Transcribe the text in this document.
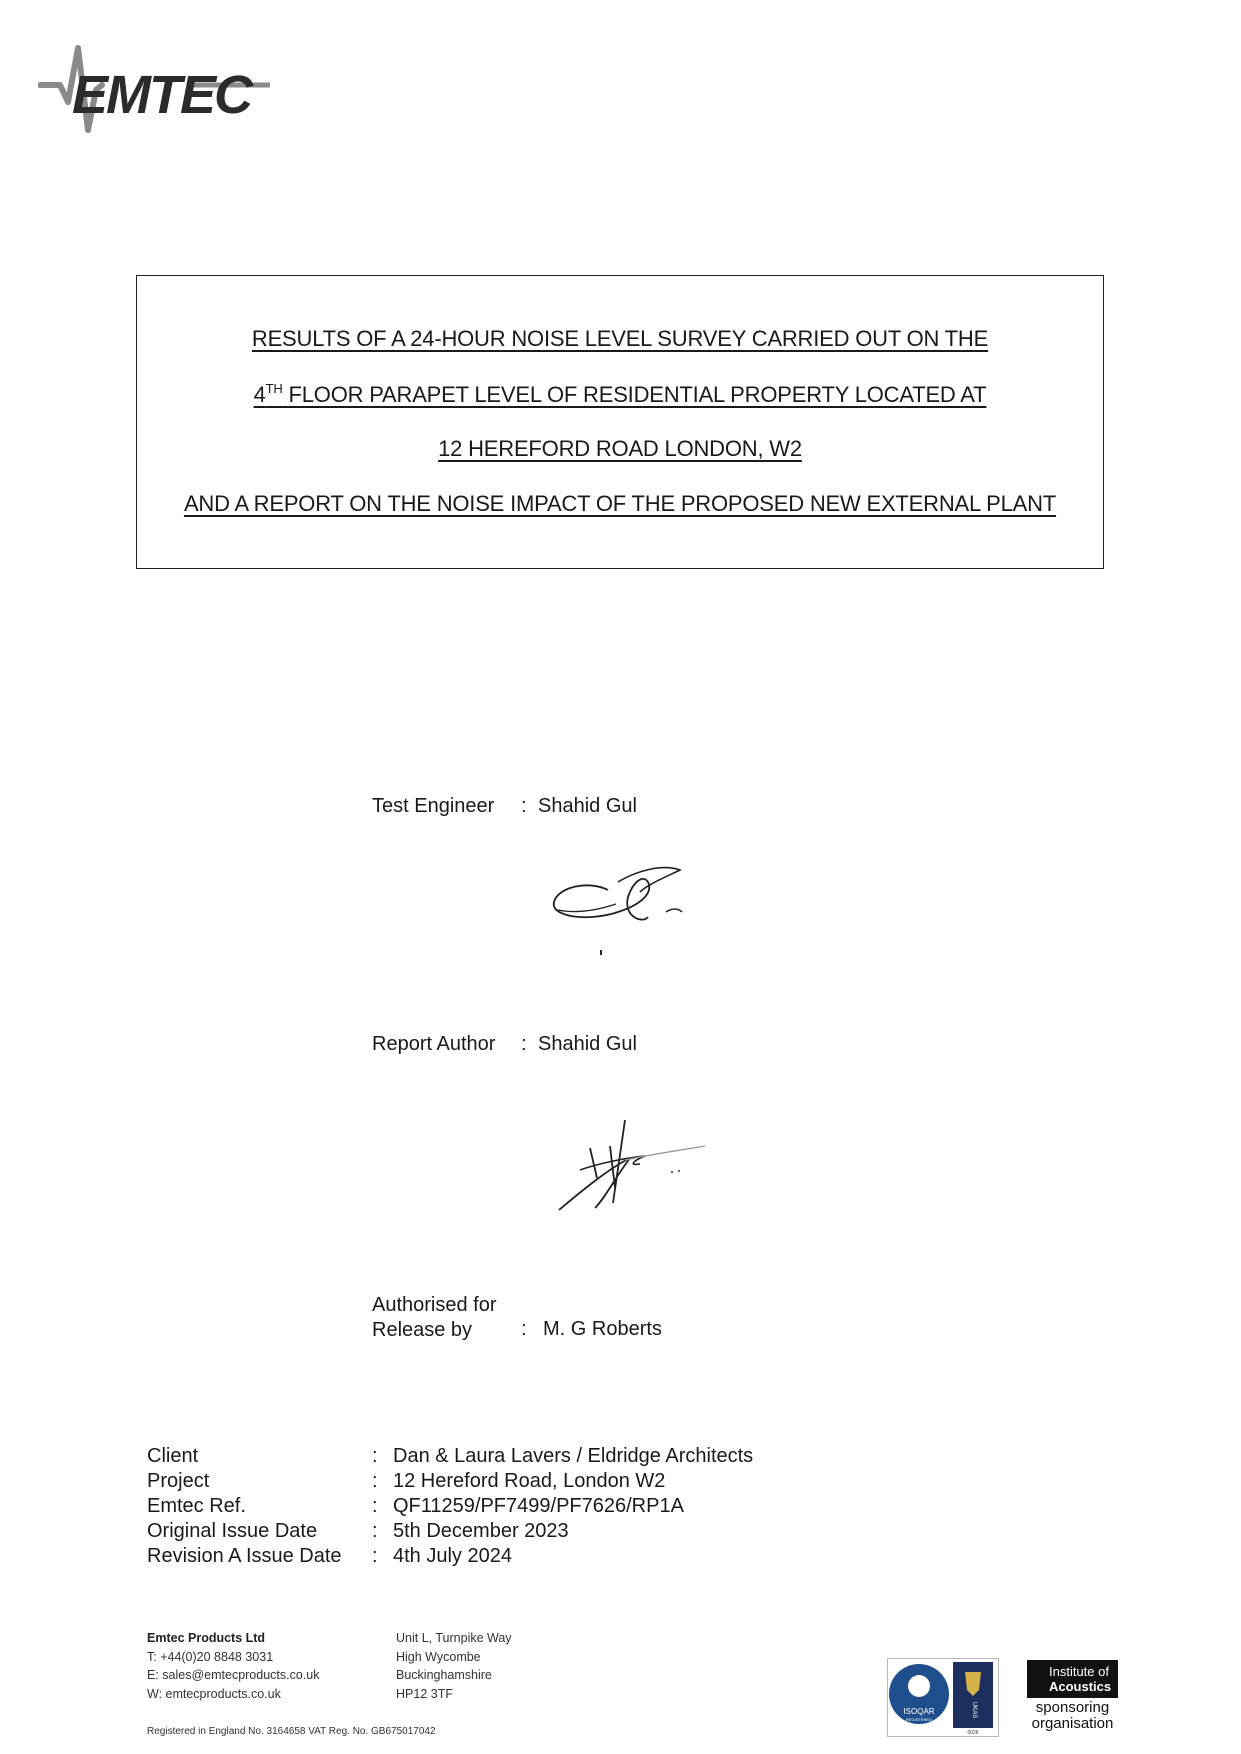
EMTEC
RESULTS OF A 24-HOUR NOISE LEVEL SURVEY CARRIED OUT ON THE
4TH FLOOR PARAPET LEVEL OF RESIDENTIAL PROPERTY LOCATED AT
12 HEREFORD ROAD LONDON, W2
AND A REPORT ON THE NOISE IMPACT OF THE PROPOSED NEW EXTERNAL PLANT
Test Engineer : Shahid Gul
Report Author : Shahid Gul
Authorised for
Release by	: M. G Roberts
Client	: Dan & Laura Lavers / Eldridge Architects
Project	: 12 Hereford Road, London W2
Emtec Ref.	: QF11259/PF7499/PF7626/RP1A
Original Issue Date	: 5th December 2023
Revision A Issue Date	: 4th July 2024
Emtec Products Ltd
T: +44(0)20 8848 3031
E: sales@emtecproducts.co.uk
W: emtecproducts.co.uk
Unit L, Turnpike Way
High Wycombe
Buckinghamshire
HP12 3TF
Registered in England No. 3164658 VAT Reg. No. GB675017042
ISOQAR
REGISTERED
UKAS
0026
Institute of
Acoustics
sponsoring
organisation
